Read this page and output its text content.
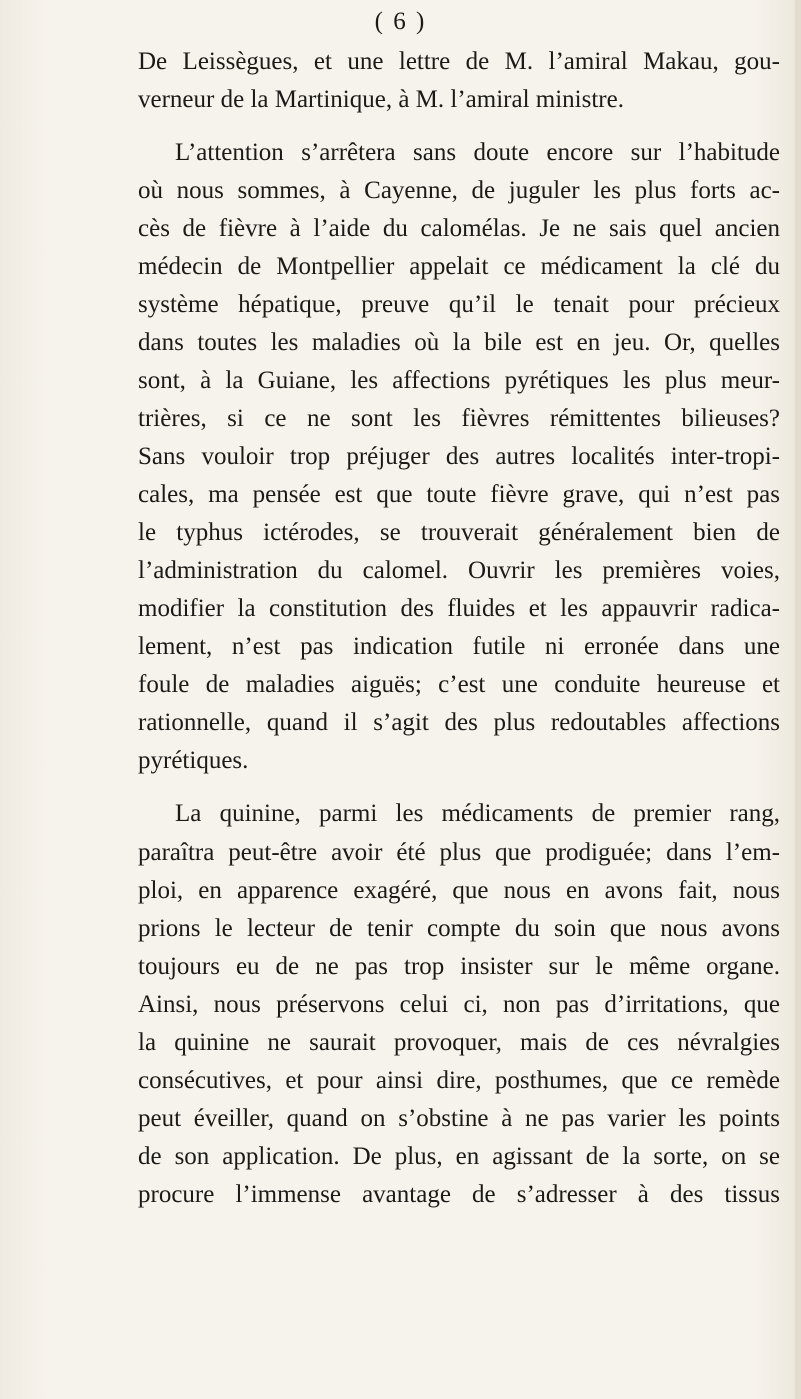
( 6 )
De Leissègues, et une lettre de M. l’amiral Makau, gou-
verneur de la Martinique, à M. l’amiral ministre.
L’attention s’arrêtera sans doute encore sur l’habitude
où nous sommes, à Cayenne, de juguler les plus forts ac-
cès de fièvre à l’aide du calomélas. Je ne sais quel ancien
médecin de Montpellier appelait ce médicament la clé du
système hépatique, preuve qu’il le tenait pour précieux
dans toutes les maladies où la bile est en jeu. Or, quelles
sont, à la Guiane, les affections pyrétiques les plus meur-
trières, si ce ne sont les fièvres rémittentes bilieuses?
Sans vouloir trop préjuger des autres localités inter-tropi-
cales, ma pensée est que toute fièvre grave, qui n’est pas
le typhus ictérodes, se trouverait généralement bien de
l’administration du calomel. Ouvrir les premières voies,
modifier la constitution des fluides et les appauvrir radica-
lement, n’est pas indication futile ni erronée dans une
foule de maladies aiguës; c’est une conduite heureuse et
rationnelle, quand il s’agit des plus redoutables affections
pyrétiques.
La quinine, parmi les médicaments de premier rang,
paraîtra peut-être avoir été plus que prodiguée; dans l’em-
ploi, en apparence exagéré, que nous en avons fait, nous
prions le lecteur de tenir compte du soin que nous avons
toujours eu de ne pas trop insister sur le même organe.
Ainsi, nous préservons celui ci, non pas d’irritations, que
la quinine ne saurait provoquer, mais de ces névralgies
consécutives, et pour ainsi dire, posthumes, que ce remède
peut éveiller, quand on s’obstine à ne pas varier les points
de son application. De plus, en agissant de la sorte, on se
procure l’immense avantage de s’adresser à des tissus
